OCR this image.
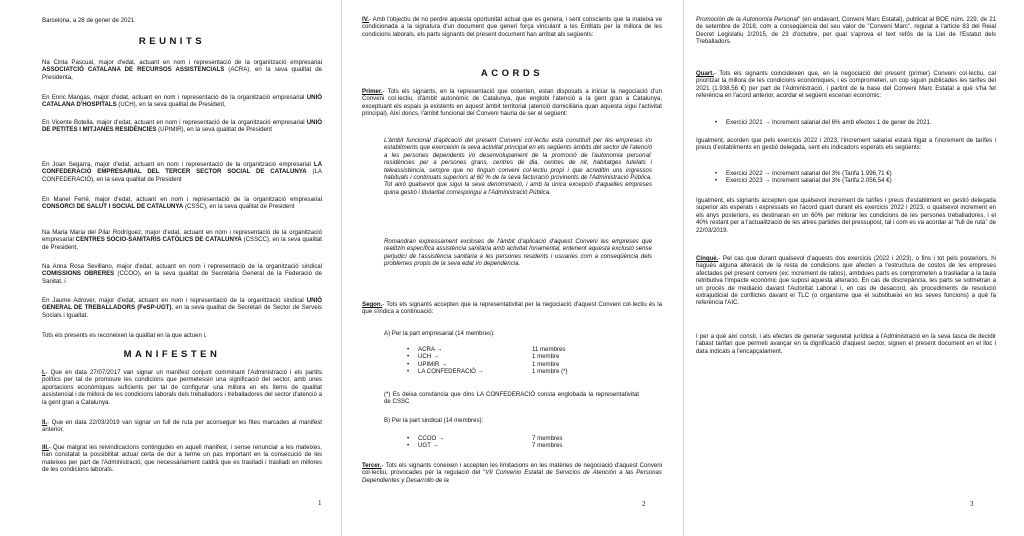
Barcelona, a 28 de gener de 2021

REUNITS

Na Cinta Pascual, major d'edat, actuant en nom i representació de la organització empresarial ASSOCIATCIÓ CATALANA DE RECURSOS ASSISTENCIALS (ACRA), en la seva qualitat de Presidenta,

En Enric Mangas, major d'edat, actuant en nom i representació de la organització empresarial UNIÓ CATALANA D'HOSPITALS (UCH), en la seva qualitat de President,

En Vicente Botella, major d'edat, actuant en nom i representació de la organització empresarial UNIÓ DE PETITES I MITJANES RESIDÈNCIES (UPIMIR), en la seva qualitat de President

En Joan Segarra, major d'edat, actuant en nom i representació de la organització empresarial LA CONFEDERACIÓ EMPRESARIAL DEL TERCER SECTOR SOCIAL DE CATALUNYA (LA CONFEDERACIÓ), en la seva qualitat de President

En Manel Ferré, major d'edat, actuant en nom i representació de la organització empresarial CONSORCI DE SALUT I SOCIAL DE CATALUNYA (CSSC), en la seva qualitat de President

Na Maria Maria del Pilar Rodríguez, major d'edat, actuant en nom i representació de la organització empresarial CENTRES SOCIO-SANITARIS CATÒLICS DE CATALUNYA (CSSCC), en la seva qualitat de President,

Na Anna Rosa Sevillano, major d'edat, actuant en nom i representació de la organització sindical COMISSIONS OBRERES (CCOO), en la seva qualitat de Secretària General de la Federació de Sanitat, i

En Jaume Adrover, major d'edat, actuant en nom i representació de la organització sindical UNIÓ GENERAL DE TREBALLADORS (FeSP-UGT), en la seva qualitat de Secretari de Sector de Serveis Socials i Igualtat.

Tots els presents es reconeixen la qualitat en la que actuen i,

MANIFESTEN

I.- Que en data 27/07/2017 van signar un manifest conjunt comminant l'Administració i els partits polítics per tal de promoure les condicions que permetessin una significació del sector, amb unes aportacions econòmiques suficients per tal de configurar una millora en els ítems de qualitat assistencial i de millora de les condicions laborals dels treballadors i treballadores del sector d'atenció a la gent gran a Catalunya.

II.- Que en data 22/03/2019 van signar un full de ruta per aconseguir les fites marcades al manifest anterior.

III.- Que malgrat les reivindicacions contingudes en aquell manifest, i sense renunciar a les mateixes, han constatat la possibilitat actual certa de dur a terme un pas important en la consecució de les mateixes per part de l'Administració, que necessàriament caldrà que es traslladi i traslladi en millores de les condicions laborals.

1

IV.- Amb l'objectiu de no perdre aquesta oportunitat actual que es genera, i sent conscients que la mateixa ve condicionada a la signatura d'un document que generi força vinculant a les Entitats per la millora de les condicions laborals, els parts signants del present document han arribat als següents:

ACORDS

Primer.- Tots els signants, en la representació que ostenten, estan disposats a iniciar la negociació d'un Conveni col·lectiu, d'àmbit autonòmic de Catalunya, que englobi l'atenció a la gent gran a Catalunya, exceptuant els espais ja existents en aquest àmbit territorial (atenció domiciliària quan aquesta sigui l'activitat principal). Així doncs, l'àmbit funcional del Conveni hauria de ser el següent:

L'àmbit funcional d'aplicació del present Conveni col·lectiu està constituït per les empreses i/o establiments que exerceixin la seva activitat principal en els següents àmbits del sector de l'atenció a les persones dependents i/o desenvolupament de la promoció de l'autonomia personal: residències per a persones grans, centres de dia, centres de nit, habitatges tutelats i teleassistència, sempre que no tinguin conveni col·lectiu propi i que acreditin uns ingressos habituals i continuats superiors al 60 % de la seva facturació provinents de l'Administració Pública. Tot això qualsevol que sigui la seva denominació, i amb la única excepció d'aquelles empreses quina gestió i titularitat correspongui a l'Administració Pública.

Romandran expressament excloses de l'àmbit d'aplicació d'aquest Conveni les empreses que realitzin específica assistència sanitària amb activitat fonamental, entenent aquesta exclusió sense perjudici de l'assistència sanitària a les persones residents i usuaries com a conseqüència dels problemes propis de la seva edat i/o dependència.

Segon.- Tots els signants accepten que la representativitat per la negociació d'aquest Conveni col·lectiu és la que s'indica a continuació:

A) Per la part empresarial (14 membres):

• ACRA →	11 membres
• UCH →	1 membre
• UPIMIR →	1 membre
• LA CONFEDERACIÓ →	1 membre (*)

(*) Es deixa constància que dins LA CONFEDERACIÓ consta englobada la representativitat de CSSC

B) Per la part sindical (14 membres):

• CCOO →	7 membres
• UGT →	7 membres

Tercer.- Tots els signants coneixen i accepten les limitacions en les matèries de negociació d'aquest Conveni col·lectiu, provocades per la regulació del "VII Convenio Estatal de Servicios de Atención a las Personas Dependientes y Desarrollo de la

2

Promoción de la Autonomía Personal" (en endavant, Conveni Marc Estatal), publicat al BOE núm. 229, de 21 de setembre de 2018, com a conseqüència del seu valor de "Conveni Marc", regulat a l'article 83 del Reial Decret Legislatiu 2/2015, de 23 d'octubre, per qual s'aprova el text refós de la Llei de l'Estatut dels Treballadors.

Quart.- Tots els signants coincideixen que, en la negociació del present (primer) Conveni col·lectiu, cal prioritzar la millora de les condicions econòmiques, i es comprometen, un cop siguin publicades les tarifes del 2021 (1.938,56 €) per part de l'Administració, i partint de la base del Conveni Marc Estatal a què s'ha fet referència en l'acord anterior, acordar el següent escenari econòmic:

• Exercici 2021 → Increment salarial del 6% amb efectes 1 de gener de 2021.

Igualment, acorden que pels exercicis 2022 i 2023, l'increment salarial estarà lligat a l'increment de tarifes i preus d'establiments en gestió delegada, sent els indicadors esperats els següents:

• Exercici 2022 → Increment salarial del 3% (Tarifa 1.996,71 €)
• Exercici 2023 → Increment salarial del 3% (Tarifa 2.056,54 €)

Igualment, els signants accepten que qualsevol increment de tarifes i preus d'establiment en gestió delegada superior als esperats i expressats en l'acord quart durant els exercicis 2022 i 2023, o qualsevol increment en els anys posteriors, es destinaran en un 60% per millorar les condicions de les persones treballadores, i el 40% restant per a l'actualització de les altres partides del pressupost, tal i com es va acordar al "full de ruta" de 22/03/2019.

Cinquè.- Pel cas que durant qualsevol d'aquests dos exercicis (2022 i 2023), o fins i tot pels posteriors, hi hagués alguna alteració de la resta de condicions que afecten a l'estructura de costos de les empreses afectades pel present conveni (ex: increment de ratios), ambdues parts es comprometen a traslladar a la taula retributiva l'impacte econòmic que suposi aquesta alteració. En cas de discrepància, les parts se sotmetran a un procés de mediació davant l'Autoritat Laboral i, en cas de desacord, als procediments de resolució extrajudicial de conflictes davant el TLC (o organisme que el substitueixi en les seves funcions) a què fa referència l'AIC.

I per a què així consti, i als efectes de generar seguretat jurídica a l'Administració en la seva tasca de decidir l'abast tarifari que permeti avançar en la dignificació d'aquest sector, signen el present document en el lloc i data indicats a l'encapçalament.

3
